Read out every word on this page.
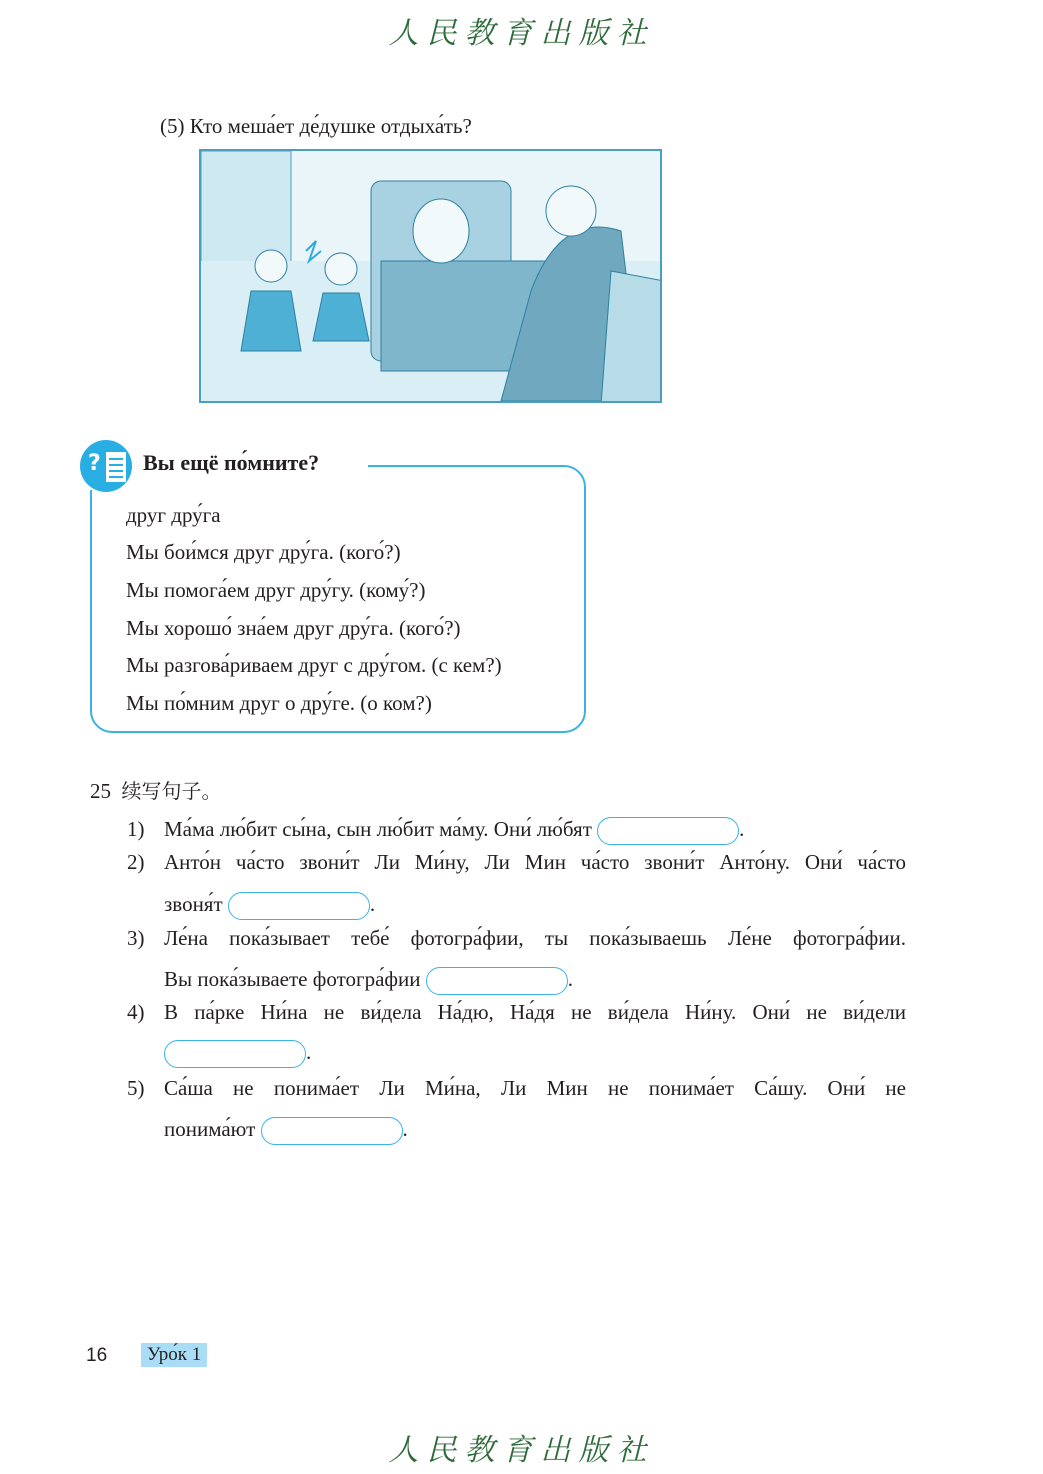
人民教育出版社
(5) Кто меша́ет де́душке отдыха́ть?
? Вы ещё по́мните?
друг дру́га
Мы бои́мся друг дру́га. (кого́?)
Мы помога́ем друг дру́гу. (кому́?)
Мы хорошо́ зна́ем друг дру́га. (кого́?)
Мы разгова́риваем друг с дру́гом. (с кем?)
Мы по́мним друг о дру́ге. (о ком?)
25 续写句子。
1) Ма́ма лю́бит сы́на, сын лю́бит ма́му. Они́ лю́бят	.
2) Анто́н ча́сто звони́т Ли Ми́ну, Ли Мин ча́сто звони́т Анто́ну. Они́ ча́сто
звоня́т	.
3) Ле́на пока́зывает тебе́ фотогра́фии, ты пока́зываешь Ле́не фотогра́фии.
Вы пока́зываете фотогра́фии	.
4) В па́рке Ни́на не ви́дела На́дю, На́дя не ви́дела Ни́ну. Они́ не ви́дели
.
5) Са́ша не понима́ет Ли Ми́на, Ли Мин не понима́ет Са́шу. Они́ не
понима́ют	.
16	Уро́к 1
人民教育出版社
